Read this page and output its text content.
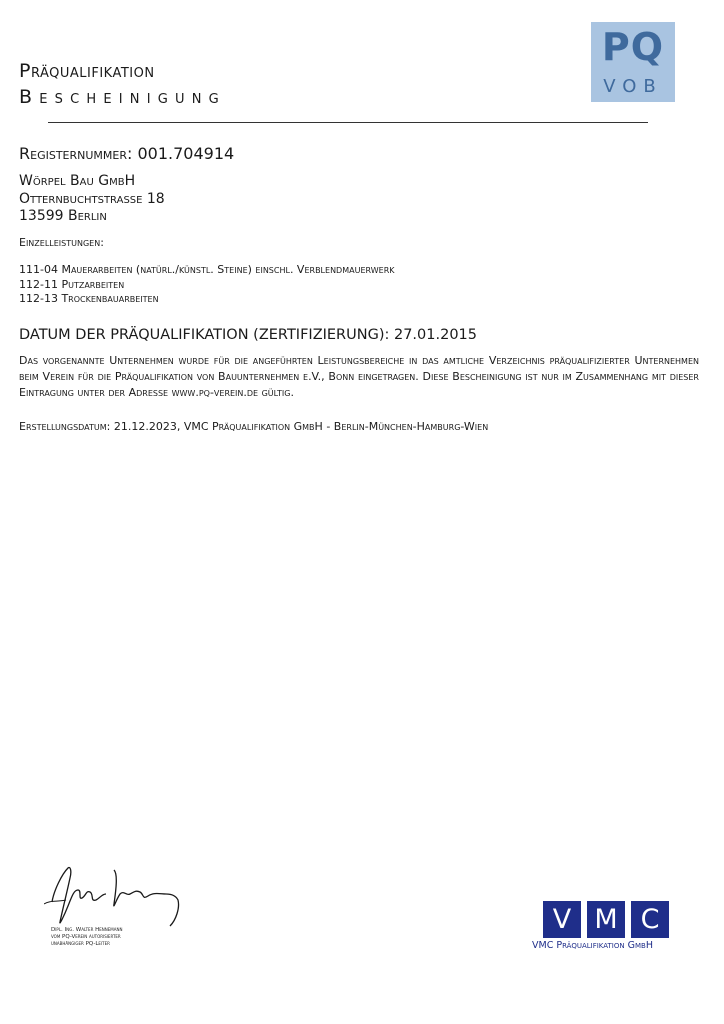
Präqualifikation
Bescheinigung
PQ
VOB
Registernummer: 001.704914
Wörpel Bau GmbH
Otternbuchtstrasse 18
13599 Berlin
Einzelleistungen:
111-04 Mauerarbeiten (natürl./künstl. Steine) einschl. Verblendmauerwerk
112-11 Putzarbeiten
112-13 Trockenbauarbeiten
DATUM DER PRÄQUALIFIKATION (ZERTIFIZIERUNG): 27.01.2015
Das vorgenannte Unternehmen wurde für die angeführten Leistungsbereiche in das amtliche Verzeichnis präqualifizierter Unternehmen beim Verein für die Präqualifikation von Bauunternehmen e.V., Bonn eingetragen. Diese Bescheinigung ist nur im Zusammenhang mit dieser Eintragung unter der Adresse www.pq-verein.de gültig.
Erstellungsdatum: 21.12.2023, VMC Präqualifikation GmbH - Berlin-München-Hamburg-Wien
Dipl. Ing. Walter Hennemann
vom PQ-Verein autorisierter
unabhängiger PQ-Leiter
V M C
VMC Präqualifikation GmbH
